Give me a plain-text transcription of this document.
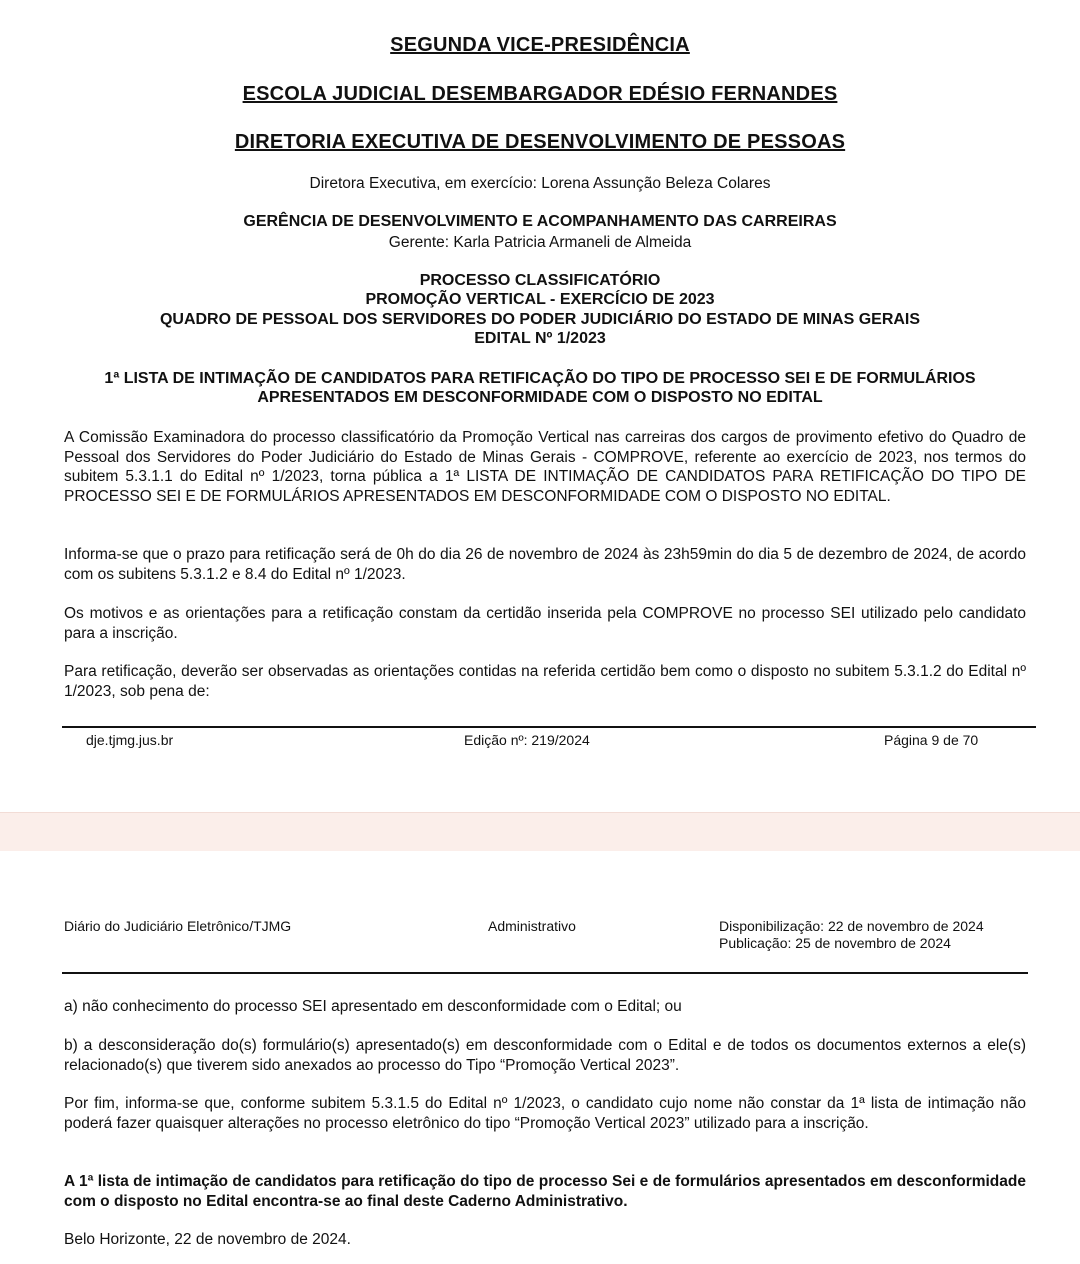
SEGUNDA VICE-PRESIDÊNCIA
ESCOLA JUDICIAL DESEMBARGADOR EDÉSIO FERNANDES
DIRETORIA EXECUTIVA DE DESENVOLVIMENTO DE PESSOAS
Diretora Executiva, em exercício: Lorena Assunção Beleza Colares
GERÊNCIA DE DESENVOLVIMENTO E ACOMPANHAMENTO DAS CARREIRAS
Gerente: Karla Patricia Armaneli de Almeida
PROCESSO CLASSIFICATÓRIO
PROMOÇÃO VERTICAL - EXERCÍCIO DE 2023
QUADRO DE PESSOAL DOS SERVIDORES DO PODER JUDICIÁRIO DO ESTADO DE MINAS GERAIS
EDITAL Nº 1/2023
1ª LISTA DE INTIMAÇÃO DE CANDIDATOS PARA RETIFICAÇÃO DO TIPO DE PROCESSO SEI E DE FORMULÁRIOS
APRESENTADOS EM DESCONFORMIDADE COM O DISPOSTO NO EDITAL
A Comissão Examinadora do processo classificatório da Promoção Vertical nas carreiras dos cargos de provimento efetivo do Quadro de Pessoal dos Servidores do Poder Judiciário do Estado de Minas Gerais - COMPROVE, referente ao exercício de 2023, nos termos do subitem 5.3.1.1 do Edital nº 1/2023, torna pública a 1ª LISTA DE INTIMAÇÃO DE CANDIDATOS PARA RETIFICAÇÃO DO TIPO DE PROCESSO SEI E DE FORMULÁRIOS APRESENTADOS EM DESCONFORMIDADE COM O DISPOSTO NO EDITAL.
Informa-se que o prazo para retificação será de 0h do dia 26 de novembro de 2024 às 23h59min do dia 5 de dezembro de 2024, de acordo com os subitens 5.3.1.2 e 8.4 do Edital nº 1/2023.
Os motivos e as orientações para a retificação constam da certidão inserida pela COMPROVE no processo SEI utilizado pelo candidato para a inscrição.
Para retificação, deverão ser observadas as orientações contidas na referida certidão bem como o disposto no subitem 5.3.1.2 do Edital nº 1/2023, sob pena de:
dje.tjmg.jus.br	Edição nº: 219/2024	Página 9 de 70
Diário do Judiciário Eletrônico/TJMG	Administrativo	Disponibilização: 22 de novembro de 2024
Publicação: 25 de novembro de 2024
a) não conhecimento do processo SEI apresentado em desconformidade com o Edital; ou
b) a desconsideração do(s) formulário(s) apresentado(s) em desconformidade com o Edital e de todos os documentos externos a ele(s) relacionado(s) que tiverem sido anexados ao processo do Tipo “Promoção Vertical 2023”.
Por fim, informa-se que, conforme subitem 5.3.1.5 do Edital nº 1/2023, o candidato cujo nome não constar da 1ª lista de intimação não poderá fazer quaisquer alterações no processo eletrônico do tipo “Promoção Vertical 2023” utilizado para a inscrição.
A 1ª lista de intimação de candidatos para retificação do tipo de processo Sei e de formulários apresentados em desconformidade com o disposto no Edital encontra-se ao final deste Caderno Administrativo.
Belo Horizonte, 22 de novembro de 2024.
